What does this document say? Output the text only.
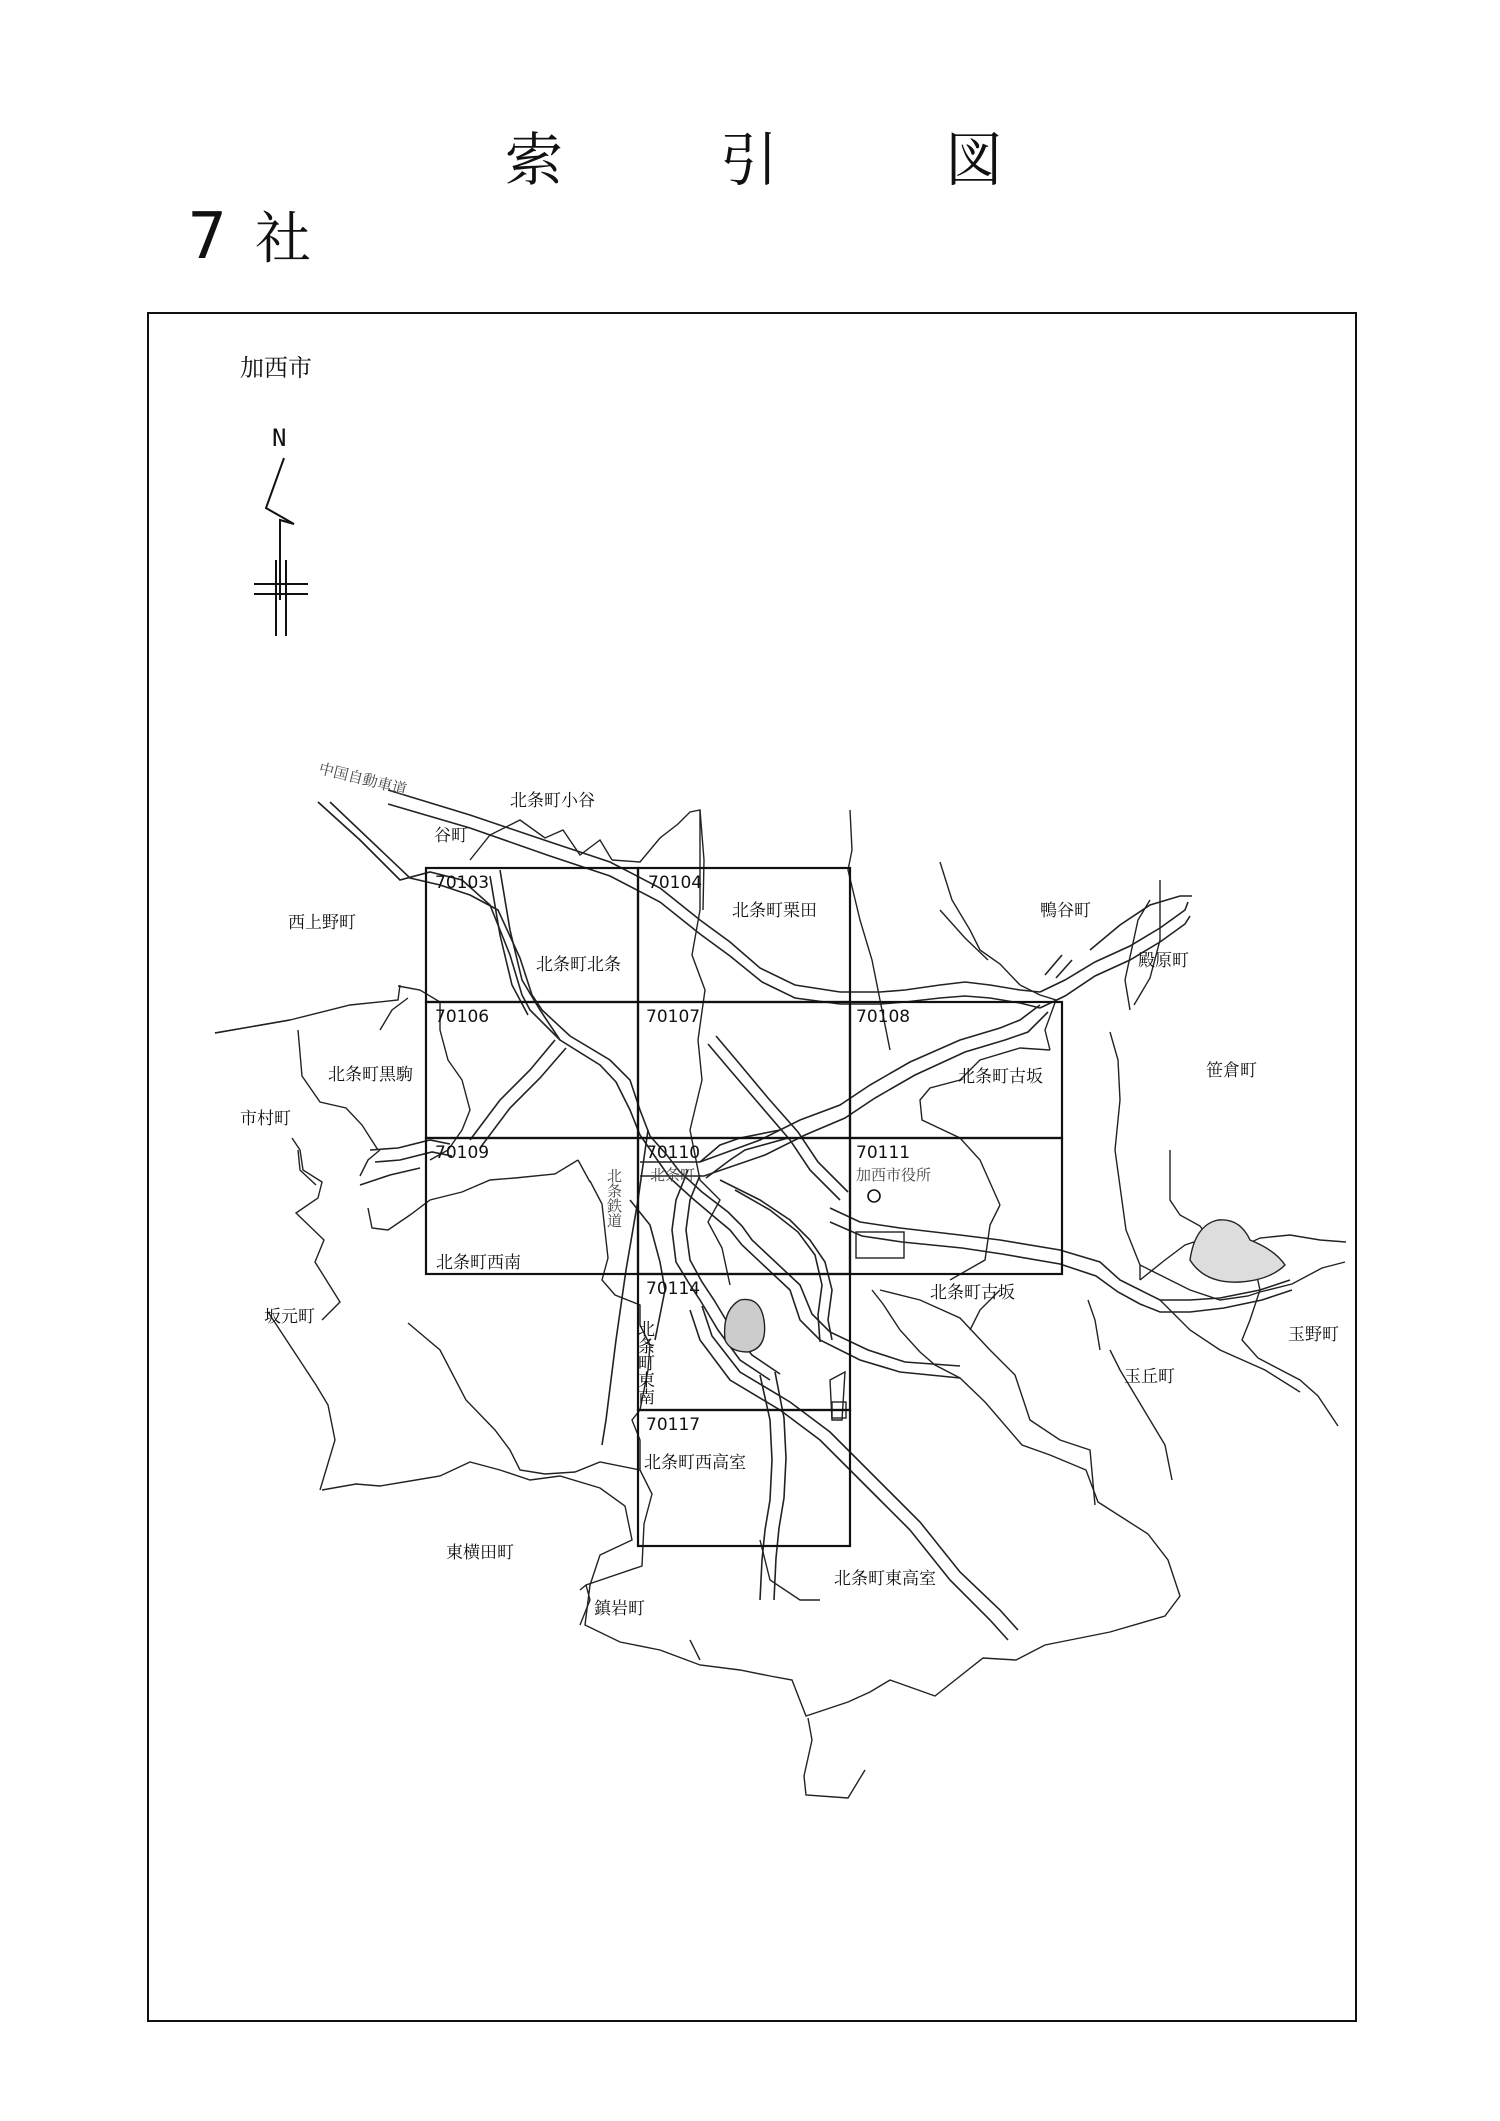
索	引	図
7 社
加西市
N
70103	70104
70106	70107	70108
70109	70110	70111
70114
70117
中国自動車道
北条鉄道
北条町小谷
谷町
西上野町
北条町北条
北条町栗田	鴨谷町
殿原町
北条町黒駒	北条町古坂	笹倉町
市村町
北条町西南
北条町古坂
坂元町
玉野町
玉丘町
北条町西高室
東横田町
北条町東高室
鎮岩町
北条町東南
北条町	加西市役所
